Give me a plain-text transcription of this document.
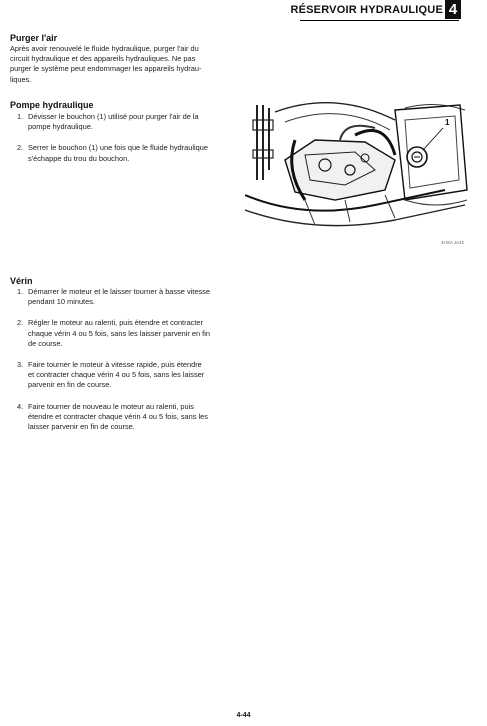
RÉSERVOIR HYDRAULIQUE 4
Purger l'air
Après avoir renouvelé le fluide hydraulique, purger l'air du
circuit hydraulique et des appareils hydrauliques. Ne pas
purger le système peut endommager les appareils hydrau-
liques.
Pompe hydraulique
1. Dévisser le bouchon (1) utilisé pour purger l'air de la
pompe hydraulique.
2. Serrer le bouchon (1) une fois que le fluide hydraulique
s'échappe du trou du bouchon.
1
4HXA JA42
Vérin
1. Démarrer le moteur et le laisser tourner à basse vitesse
pendant 10 minutes.
2. Régler le moteur au ralenti, puis étendre et contracter
chaque vérin 4 ou 5 fois, sans les laisser parvenir en fin
de course.
3. Faire tourner le moteur à vitesse rapide, puis étendre
et contracter chaque vérin 4 ou 5 fois, sans les laisser
parvenir en fin de course.
4. Faire tourner de nouveau le moteur au ralenti, puis
étendre et contracter chaque vérin 4 ou 5 fois, sans les
laisser parvenir en fin de course.
4-44
